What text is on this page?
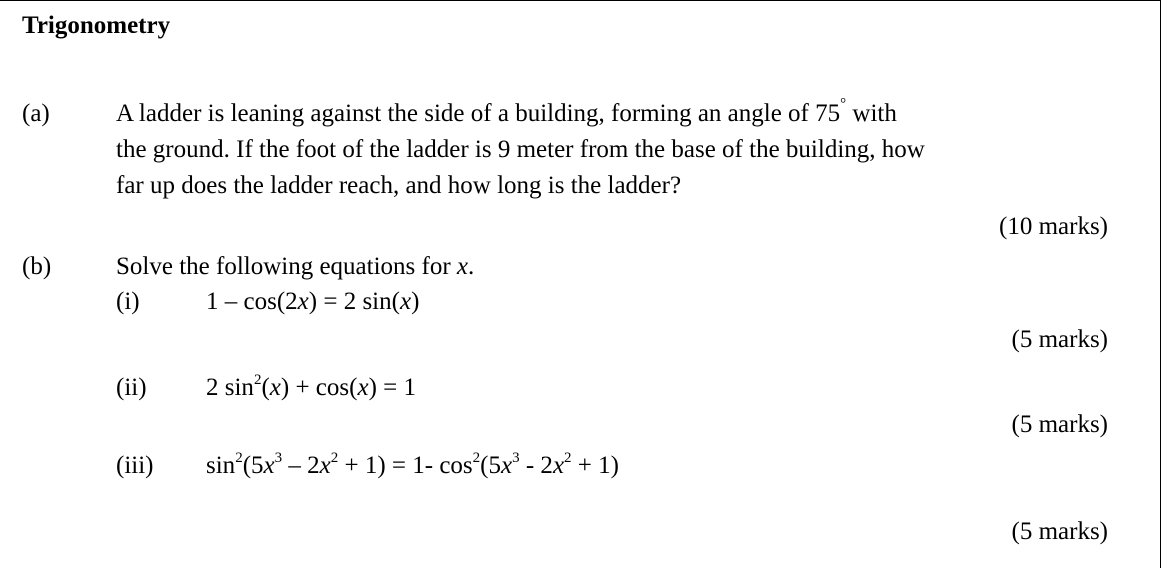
Trigonometry
(a)	A ladder is leaning against the side of a building, forming an angle of 75° with
the ground. If the foot of the ladder is 9 meter from the base of the building, how
far up does the ladder reach, and how long is the ladder?
(10 marks)
(b)	Solve the following equations for x.
(i)	1 – cos(2x) = 2 sin(x)
(5 marks)
(ii) 2 $\sin^2(x) + \cos(x) = 1$
(5 marks)
(iii) $\sin^2(5x^3 - 2x^2 + 1) = 1-$ $\cos^2(5x^3 - 2x^2 + 1)$
(5 marks)
